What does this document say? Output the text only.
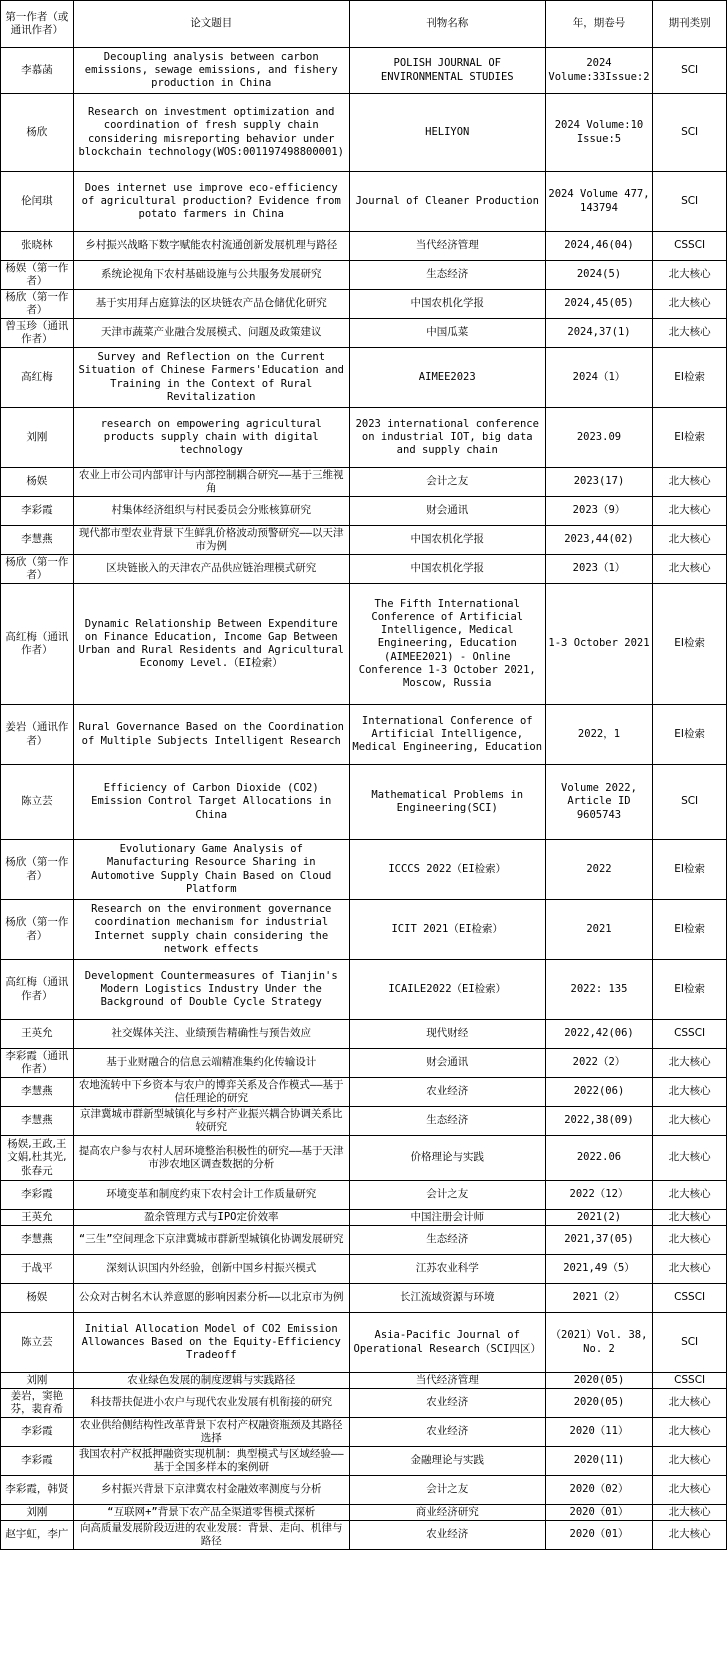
第一作者（或通讯作者）	论文题目	刊物名称	年，期卷号	期刊类别
李慕菡	Decoupling analysis between carbon emissions, sewage emissions, and fishery production in China	POLISH JOURNAL OF ENVIRONMENTAL STUDIES	2024 Volume:33Issue:2	SCI
杨欣	Research on investment optimization and coordination of fresh supply chain considering misreporting behavior under blockchain technology(WOS:001197498800001)	HELIYON	2024 Volume:10 Issue:5	SCI
伦闰琪	Does internet use improve eco-efficiency of agricultural production? Evidence from potato farmers in China	Journal of Cleaner Production	2024 Volume 477, 143794	SCI
张晓林	乡村振兴战略下数字赋能农村流通创新发展机理与路径	当代经济管理	2024,46(04)	CSSCI
杨娱（第一作者）	系统论视角下农村基础设施与公共服务发展研究	生态经济	2024(5)	北大核心
杨欣（第一作者）	基于实用拜占庭算法的区块链农产品仓储优化研究	中国农机化学报	2024,45(05)	北大核心
曾玉珍（通讯作者）	天津市蔬菜产业融合发展模式、问题及政策建议	中国瓜菜	2024,37(1)	北大核心
高红梅	Survey and Reflection on the Current Situation of Chinese Farmers'Education and Training in the Context of Rural Revitalization	AIMEE2023	2024（1）	EI检索
刘刚	research on empowering agricultural products supply chain with digital technology	2023 international conference on industrial IOT, big data and supply chain	2023.09	EI检索
杨娱	农业上市公司内部审计与内部控制耦合研究——基于三维视角	会计之友	2023(17)	北大核心
李彩霞	村集体经济组织与村民委员会分账核算研究	财会通讯	2023（9）	北大核心
李慧燕	现代都市型农业背景下生鲜乳价格波动预警研究——以天津市为例	中国农机化学报	2023,44(02)	北大核心
杨欣（第一作者）	区块链嵌入的天津农产品供应链治理模式研究	中国农机化学报	2023（1）	北大核心
高红梅（通讯作者）	Dynamic Relationship Between Expenditure on Finance Education, Income Gap Between Urban and Rural Residents and Agricultural Economy Level.（EI检索）	The Fifth International Conference of Artificial Intelligence, Medical Engineering, Education (AIMEE2021) - Online Conference 1-3 October 2021, Moscow, Russia	1-3 October 2021	EI检索
姜岩（通讯作者）	Rural Governance Based on the Coordination of Multiple Subjects Intelligent Research	International Conference of Artificial Intelligence, Medical Engineering, Education	2022，1	EI检索
陈立芸	Efficiency of Carbon Dioxide (CO2) Emission Control Target Allocations in China	Mathematical Problems in Engineering(SCI)	Volume 2022, Article ID 9605743	SCI
杨欣（第一作者）	Evolutionary Game Analysis of Manufacturing Resource Sharing in Automotive Supply Chain Based on Cloud Platform	ICCCS 2022（EI检索）	2022	EI检索
杨欣（第一作者）	Research on the environment governance coordination mechanism for industrial Internet supply chain considering the network effects	ICIT 2021（EI检索）	2021	EI检索
高红梅（通讯作者）	Development Countermeasures of Tianjin's Modern Logistics Industry Under the Background of Double Cycle Strategy	ICAILE2022（EI检索）	2022: 135	EI检索
王英允	社交媒体关注、业绩预告精确性与预告效应	现代财经	2022,42(06)	CSSCI
李彩霞（通讯作者）	基于业财融合的信息云端精准集约化传输设计	财会通讯	2022（2）	北大核心
李慧燕	农地流转中下乡资本与农户的博弈关系及合作模式——基于信任理论的研究	农业经济	2022(06)	北大核心
李慧燕	京津冀城市群新型城镇化与乡村产业振兴耦合协调关系比较研究	生态经济	2022,38(09)	北大核心
杨娱,王政,王文娟,杜其光,张春元	提高农户参与农村人居环境整治积极性的研究——基于天津市涉农地区调查数据的分析	价格理论与实践	2022.06	北大核心
李彩霞	环境变革和制度约束下农村会计工作质量研究	会计之友	2022（12）	北大核心
王英允	盈余管理方式与IPO定价效率	中国注册会计师	2021(2)	北大核心
李慧燕	“三生”空间理念下京津冀城市群新型城镇化协调发展研究	生态经济	2021,37(05)	北大核心
于战平	深刻认识国内外经验，创新中国乡村振兴模式	江苏农业科学	2021,49（5）	北大核心
杨娱	公众对古树名木认养意愿的影响因素分析——以北京市为例	长江流域资源与环境	2021（2）	CSSCI
陈立芸	Initial Allocation Model of CO2 Emission Allowances Based on the Equity-Efficiency Tradeoff	Asia-Pacific Journal of Operational Research（SCI四区）	（2021）Vol. 38, No. 2	SCI
刘刚	农业绿色发展的制度逻辑与实践路径	当代经济管理	2020(05)	CSSCI
姜岩，窦艳芬，裴育希	科技帮扶促进小农户与现代农业发展有机衔接的研究	农业经济	2020(05)	北大核心
李彩霞	农业供给侧结构性改革背景下农村产权融资瓶颈及其路径选择	农业经济	2020（11）	北大核心
李彩霞	我国农村产权抵押融资实现机制：典型模式与区域经验——基于全国多样本的案例研	金融理论与实践	2020(11)	北大核心
李彩霞，韩贤	乡村振兴背景下京津冀农村金融效率测度与分析	会计之友	2020（02）	北大核心
刘刚	“互联网+”背景下农产品全渠道零售模式探析	商业经济研究	2020（01）	北大核心
赵宇虹，李广	向高质量发展阶段迈进的农业发展：背景、走向、机律与路径	农业经济	2020（01）	北大核心
